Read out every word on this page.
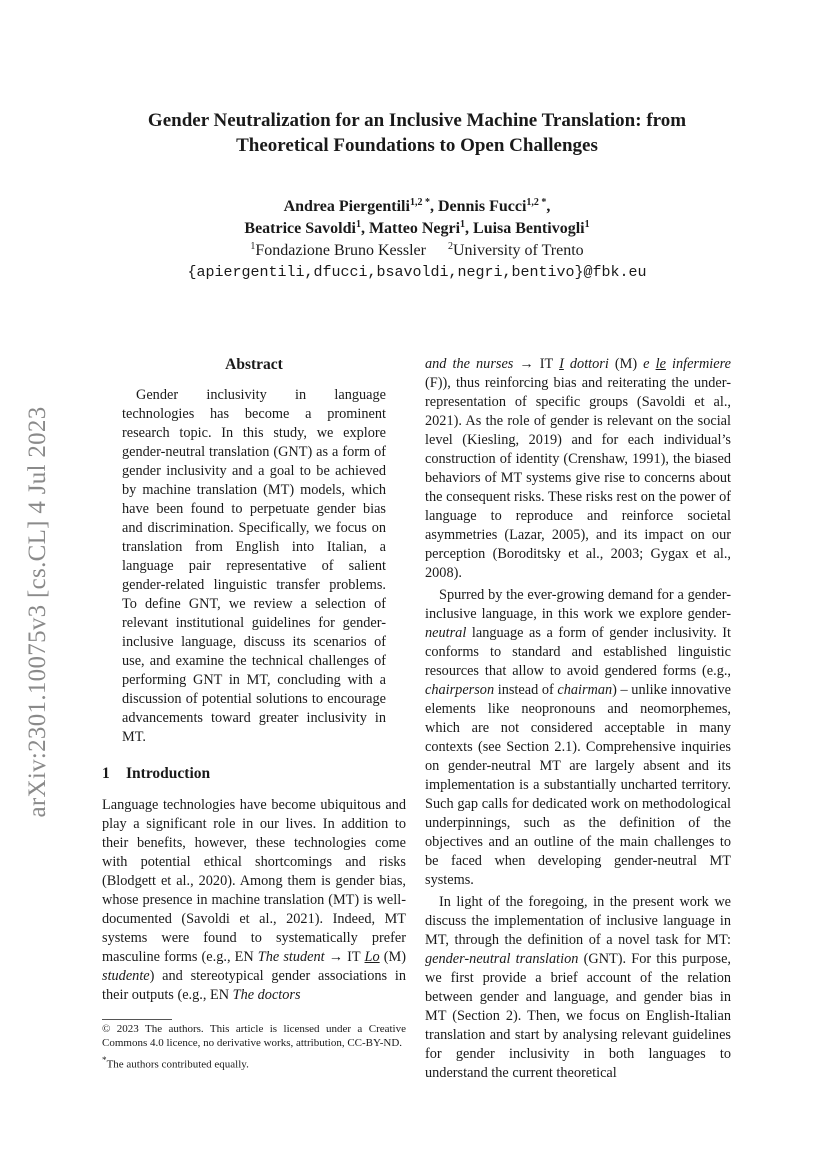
arXiv:2301.10075v3 [cs.CL] 4 Jul 2023
Gender Neutralization for an Inclusive Machine Translation: from
Theoretical Foundations to Open Challenges
Andrea Piergentili$^{1,2 *}$, Dennis Fucci$^{1,2 *}$,
Beatrice Savoldi$^1$, Matteo Negri$^1$, Luisa Bentivogli$^1$
$^1$Fondazione Bruno Kessler $^2$University of Trento
{apiergentili,dfucci,bsavoldi,negri,bentivo}@fbk.eu
Abstract

Gender inclusivity in language technologies has become a prominent research topic. In this study, we explore gender-neutral translation (GNT) as a form of gender inclusivity and a goal to be achieved by machine translation (MT) models, which have been found to perpetuate gender bias and discrimination. Specifically, we focus on translation from English into Italian, a language pair representative of salient gender-related linguistic transfer problems. To define GNT, we review a selection of relevant institutional guidelines for gender-inclusive language, discuss its scenarios of use, and examine the technical challenges of performing GNT in MT, concluding with a discussion of potential solutions to encourage advancements toward greater inclusivity in MT.

1 Introduction

Language technologies have become ubiquitous and play a significant role in our lives. In addition to their benefits, however, these technologies come with potential ethical shortcomings and risks (Blodgett et al., 2020). Among them is gender bias, whose presence in machine translation (MT) is well-documented (Savoldi et al., 2021). Indeed, MT systems were found to systematically prefer masculine forms (e.g., EN The student → IT Lo (M) studente) and stereotypical gender associations in their outputs (e.g., EN The doctors

and the nurses → IT I dottori (M) e le infermiere (F)), thus reinforcing bias and reiterating the under-representation of specific groups (Savoldi et al., 2021). As the role of gender is relevant on the social level (Kiesling, 2019) and for each individual’s construction of identity (Crenshaw, 1991), the biased behaviors of MT systems give rise to concerns about the consequent risks. These risks rest on the power of language to reproduce and reinforce societal asymmetries (Lazar, 2005), and its impact on our perception (Boroditsky et al., 2003; Gygax et al., 2008).

Spurred by the ever-growing demand for a gender-inclusive language, in this work we explore gender-neutral language as a form of gender inclusivity. It conforms to standard and established linguistic resources that allow to avoid gendered forms (e.g., chairperson instead of chairman) – unlike innovative elements like neopronouns and neomorphemes, which are not considered acceptable in many contexts (see Section 2.1). Comprehensive inquiries on gender-neutral MT are largely absent and its implementation is a substantially uncharted territory. Such gap calls for dedicated work on methodological underpinnings, such as the definition of the objectives and an outline of the main challenges to be faced when developing gender-neutral MT systems.

In light of the foregoing, in the present work we discuss the implementation of inclusive language in MT, through the definition of a novel task for MT: gender-neutral translation (GNT). For this purpose, we first provide a brief account of the relation between gender and language, and gender bias in MT (Section 2). Then, we focus on English-Italian translation and start by analysing relevant guidelines for gender inclusivity in both languages to understand the current theoretical

© 2023 The authors. This article is licensed under a Creative Commons 4.0 licence, no derivative works, attribution, CC-BY-ND.

*The authors contributed equally.
